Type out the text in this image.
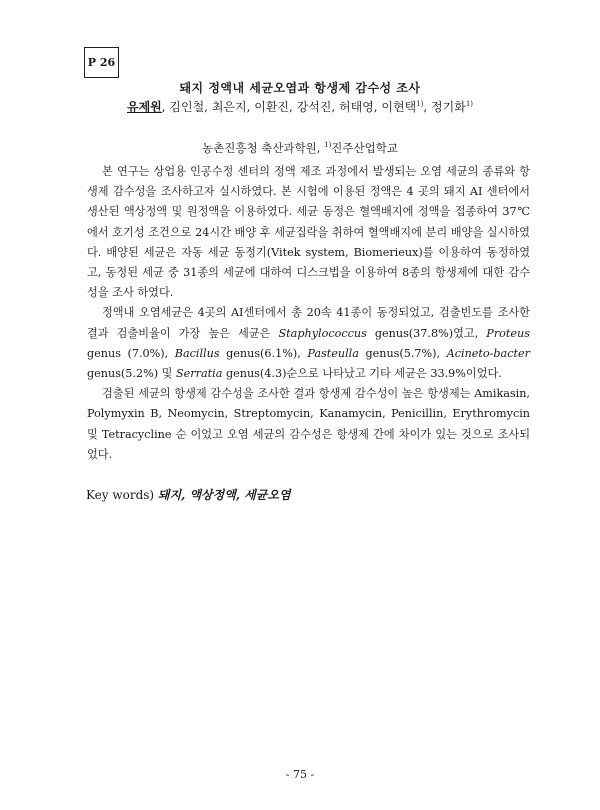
P 26
돼지 정액내 세균오염과 항생제 감수성 조사
유제원, 김인철, 최은지, 이환진, 강석진, 허태영, 이현택$^{1)}$, 정기화$^{1)}$
농촌진흥청 축산과학원, $^{1)}$진주산업학교

본 연구는 상업용 인공수정 센터의 정액 제조 과정에서 발생되는 오염 세균의 종류와 항생제 감수성을 조사하고자 실시하였다. 본 시험에 이용된 정액은 4 곳의 돼지 AI 센터에서 생산된 액상정액 및 원정액을 이용하였다. 세균 동정은 혈액배지에 정액을 접종하여 37℃에서 호기성 조건으로 24시간 배양 후 세균집락을 취하여 혈액배지에 분리 배양을 실시하였다. 배양된 세균은 자동 세균 동정기(Vitek system, Biomerieux)를 이용하여 동정하였고, 동정된 세균 중 31종의 세균에 대하여 디스크법을 이용하여 8종의 항생제에 대한 감수성을 조사 하였다.

정액내 오염세균은 4곳의 AI센터에서 총 20속 41종이 동정되었고, 검출빈도를 조사한 결과 검출비율이 가장 높은 세균은 Staphylococcus genus(37.8%)였고, Proteus genus (7.0%), Bacillus genus(6.1%), Pasteulla genus(5.7%), Acineto-bacter genus(5.2%) 및 Serratia genus(4.3)순으로 나타났고 기타 세균은 33.9%이었다.

검출된 세균의 항생제 감수성을 조사한 결과 항생제 감수성이 높은 항생제는 Amikasin, Polymyxin B, Neomycin, Streptomycin, Kanamycin, Penicillin, Erythromycin 및 Tetracycline 순 이었고 오염 세균의 감수성은 항생제 간에 차이가 있는 것으로 조사되었다.

Key words) 돼지, 액상정액, 세균오염
- 75 -
